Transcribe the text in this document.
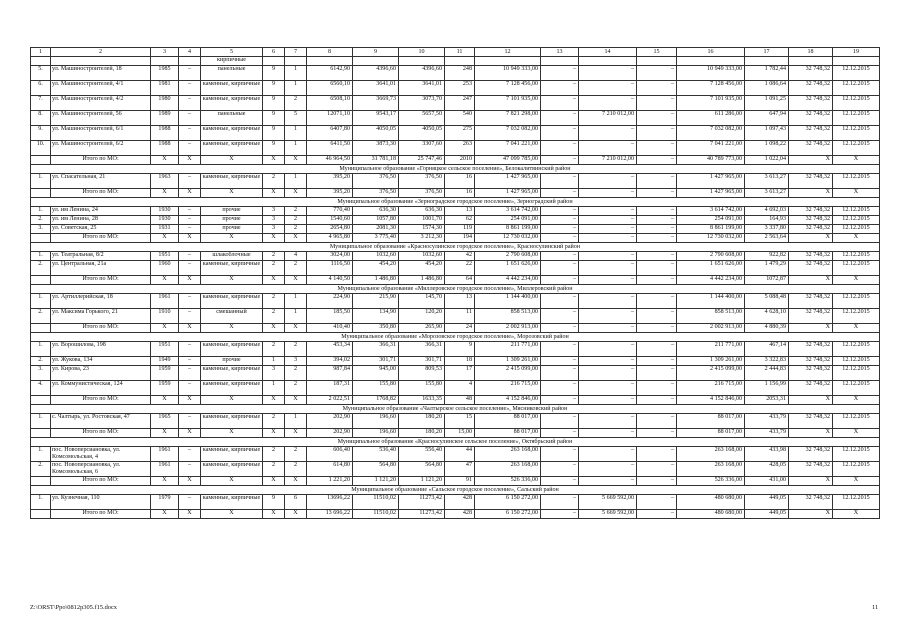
1	2	3	4	5	6	7	8	9	10	11	12	13	14	15	16	17	18	19
				кирпичные														
5.	ул. Машиностроителей, 18	1985	–	панельные	9	1	6142,90	4396,60	4396,60	248	10 949 333,00	–	–	–	10 949 333,00	1 782,44	32 748,32	12.12.2015
6.	ул. Машиностроителей, 4/1	1981	–	каменные, кирпичные	9	1	6560,10	3641,01	3641,01	253	7 128 456,00	–	–	–	7 128 456,00	1 086,64	32 748,32	12.12.2015
7.	ул. Машиностроителей, 4/2	1980	–	каменные, кирпичные	9	2	6508,10	3669,73	3073,70	247	7 101 935,00	–	–	–	7 101 935,00	1 091,25	32 748,32	12.12.2015
8.	ул. Машиностроителей, 56	1989	–	панельные	9	5	12071,10	9543,17	5657,50	540	7 821 298,00	–	7 210 012,00	–	611 286,00	647,94	32 748,32	12.12.2015
9.	ул. Машиностроителей, 6/1	1988	–	каменные, кирпичные	9	1	6407,80	4050,05	4050,05	275	7 032 082,00	–	–	–	7 032 082,00	1 097,43	32 748,32	12.12.2015
10.	ул. Машиностроителей, 6/2	1988	–	каменные, кирпичные	9	1	6411,50	3873,30	3307,60	263	7 041 221,00	–	–	–	7 041 221,00	1 098,22	32 748,32	12.12.2015
	Итого по МО:	X	X	X	X	X	46 964,50	31 781,18	25 747,46	2010	47 099 785,00	–	7 210 012,00	–	40 789 773,00	1 022,04	X	X
Муниципальное образование «Горняцкое сельское поселение», Белокалитвинский район																		
1.	ул. Спасательная, 21	1963	–	каменные, кирпичные	2	1	395,20	376,50	376,50	16	1 427 965,00	–	–	–	1 427 965,00	3 613,27	32 748,32	12.12.2015
	Итого по МО:	X	X	X	X	X	395,20	376,50	376,50	16	1 427 965,00	–	–	–	1 427 965,00	3 613,27	X	X
Муниципальное образование «Зерноградское городское поселение», Зерноградский район																		
1.	ул. им Ленина, 24	1930	–	прочие	3	2	770,40	636,30	636,30	13	3 614 742,00	–	–	–	3 614 742,00	4 692,03	32 748,32	12.12.2015
2.	ул. им Ленина, 28	1930	–	прочие	3	2	1540,60	1057,80	1001,70	62	254 091,00	–	–	–	254 091,00	164,93	32 748,32	12.12.2015
3.	ул. Советская, 25	1931	–	прочие	3	2	2654,80	2081,30	1574,30	119	8 861 199,00	–	–	–	8 861 199,00	3 337,80	32 748,32	12.12.2015
	Итого по МО:	X	X	X	X	X	4 965,80	3 775,40	3 212,30	194	12 730 032,00	–	–	–	12 730 032,00	2 563,64	X	X
Муниципальное образование «Красносулинское городское поселение», Красносулинский район																		
1.	ул. Театральная, 8/2	1951	–	шлакоблочные	2	4	3024,00	1032,60	1032,60	42	2 790 608,00	–	–	–	2 790 608,00	922,82	32 748,32	12.12.2015
2.	ул. Центральная, 21а	1960	–	каменные, кирпичные	2	2	1116,50	454,20	454,20	22	1 651 626,00	–	–	–	1 651 626,00	1 479,29	32 748,32	12.12.2015
	Итого по МО:	X	X	X	X	X	4 140,50	1 486,80	1 486,80	64	4 442 234,00	–	–	–	4 442 234,00	1072,87	X	X
Муниципальное образование «Миллеровское городское поселение», Миллеровский район																		
1.	ул. Артиллерийская, 18	1961	–	каменные, кирпичные	2	1	224,90	215,90	145,70	13	1 144 400,00	–	–	–	1 144 400,00	5 088,48	32 748,32	12.12.2015
2.	ул. Максима Горького, 21	1910	–	смешанный	2	1	185,50	134,90	120,20	11	858 513,00	–	–	–	858 513,00	4 628,10	32 748,32	12.12.2015
	Итого по МО:	X	X	X	X	X	410,40	350,80	265,90	24	2 002 913,00	–	–	–	2 002 913,00	4 880,39	X	X
Муниципальное образование «Морозовское городское поселение», Морозовский район																		
1.	ул. Ворошилова, 198	1951	–	каменные, кирпичные	2	2	453,34	366,31	366,31	9	211 771,00	–	–	–	211 771,00	467,14	32 748,32	12.12.2015
2.	ул. Жукова, 134	1949	–	прочие	1	3	394,02	301,71	301,71	18	1 309 261,00	–	–	–	1 309 261,00	3 322,83	32 748,32	12.12.2015
3.	ул. Кирова, 23	1959	–	каменные, кирпичные	3	2	987,84	945,00	809,53	17	2 415 099,00	–	–	–	2 415 099,00	2 444,83	32 748,32	12.12.2015
4.	ул. Коммунистическая, 124	1959	–	каменные, кирпичные	1	2	187,31	155,80	155,80	4	216 715,00	–	–	–	216 715,00	1 156,99	32 748,32	12.12.2015
	Итого по МО:	X	X	X	X	X	2 022,51	1768,82	1633,35	48	4 152 846,00	–	–	–	4 152 846,00	2053,31	X	X
Муниципальное образование «Чалтырское сельское поселение», Мясниковский район																		
1.	с. Чалтырь, ул. Ростовская, 47	1965	–	каменные, кирпичные	2	1	202,90	196,60	180,20	15	88 017,00	–	–	–	88 017,00	433,79	32 748,32	12.12.2015
	Итого по МО:	X	X	X	X	X	202,90	196,60	180,20	15,00	88 017,00	–	–	–	88 017,00	433,79	X	X
Муниципальное образование «Красносулинское сельское поселение», Октябрьский район																		
1.	пос. Новоперсиановка, ул. Комсомольская, 4	1961	–	каменные, кирпичные	2	2	606,40	536,40	556,40	44	263 168,00	–	–	–	263 168,00	433,98	32 748,32	12.12.2015
2.	пос. Новоперсиановка, ул. Комсомольская, 6	1961	–	каменные, кирпичные	2	2	614,80	564,80	564,80	47	263 168,00	–	–	–	263 168,00	428,05	32 748,32	12.12.2015
	Итого по МО:	X	X	X	X	X	1 221,20	1 121,20	1 121,20	91	526 336,00	–	–	–	526 336,00	431,00	X	X
Муниципальное образование «Сальское городское поселение», Сальский район																		
1.	ул. Кузнечная, 110	1979	–	каменные, кирпичные	9	6	13696,22	11510,02	11273,42	428	6 150 272,00	–	5 669 592,00	–	480 680,00	449,05	32 748,32	12.12.2015
	Итого по МО:	X	X	X	X	X	13 696,22	11510,02	11273,42	428	6 150 272,00	–	5 669 592,00	–	480 680,00	449,05	X	X
Z:\ORST\Ppo\0812p305.f15.docx	11
